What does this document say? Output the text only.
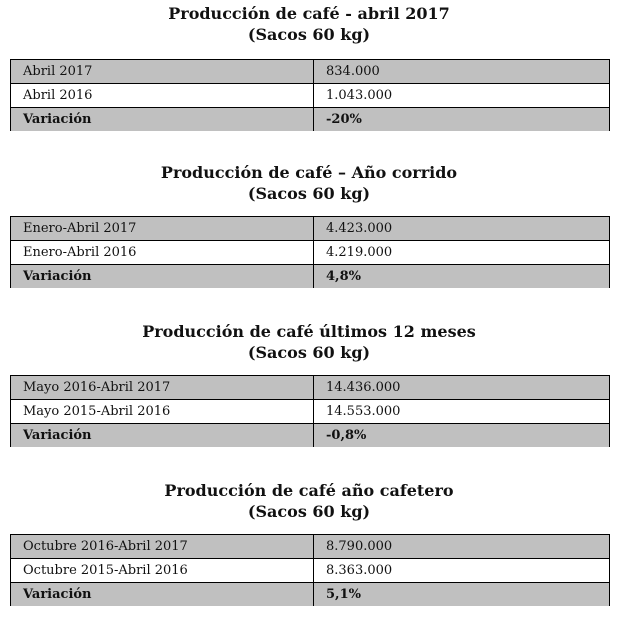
Producción de café - abril 2017
(Sacos 60 kg)
Abril 2017	834.000
Abril 2016	1.043.000
Variación	-20%
Producción de café – Año corrido
(Sacos 60 kg)
Enero-Abril 2017	4.423.000
Enero-Abril 2016	4.219.000
Variación	4,8%
Producción de café últimos 12 meses
(Sacos 60 kg)
Mayo 2016-Abril 2017	14.436.000
Mayo 2015-Abril 2016	14.553.000
Variación	-0,8%
Producción de café año cafetero
(Sacos 60 kg)
Octubre 2016-Abril 2017	8.790.000
Octubre 2015-Abril 2016	8.363.000
Variación	5,1%
